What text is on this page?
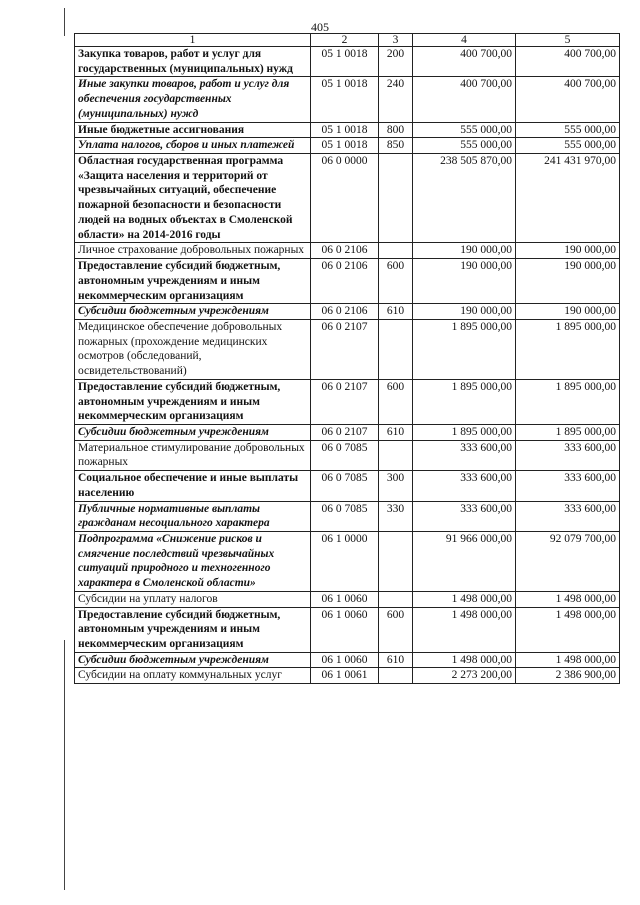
405
1	2	3	4	5
Закупка товаров, работ и услуг для государственных (муниципальных) нужд	05 1 0018	200	400 700,00	400 700,00
Иные закупки товаров, работ и услуг для обеспечения государственных (муниципальных) нужд	05 1 0018	240	400 700,00	400 700,00
Иные бюджетные ассигнования	05 1 0018	800	555 000,00	555 000,00
Уплата налогов, сборов и иных платежей	05 1 0018	850	555 000,00	555 000,00
Областная государственная программа «Защита населения и территорий от чрезвычайных ситуаций, обеспечение пожарной безопасности и безопасности людей на водных объектах в Смоленской области» на 2014-2016 годы	06 0 0000		238 505 870,00	241 431 970,00
Личное страхование добровольных пожарных	06 0 2106		190 000,00	190 000,00
Предоставление субсидий бюджетным, автономным учреждениям и иным некоммерческим организациям	06 0 2106	600	190 000,00	190 000,00
Субсидии бюджетным учреждениям	06 0 2106	610	190 000,00	190 000,00
Медицинское обеспечение добровольных пожарных (прохождение медицинских осмотров (обследований, освидетельствований)	06 0 2107		1 895 000,00	1 895 000,00
Предоставление субсидий бюджетным, автономным учреждениям и иным некоммерческим организациям	06 0 2107	600	1 895 000,00	1 895 000,00
Субсидии бюджетным учреждениям	06 0 2107	610	1 895 000,00	1 895 000,00
Материальное стимулирование добровольных пожарных	06 0 7085		333 600,00	333 600,00
Социальное обеспечение и иные выплаты населению	06 0 7085	300	333 600,00	333 600,00
Публичные нормативные выплаты гражданам несоциального характера	06 0 7085	330	333 600,00	333 600,00
Подпрограмма «Снижение рисков и смягчение последствий чрезвычайных ситуаций природного и техногенного характера в Смоленской области»	06 1 0000		91 966 000,00	92 079 700,00
Субсидии на уплату налогов	06 1 0060		1 498 000,00	1 498 000,00
Предоставление субсидий бюджетным, автономным учреждениям и иным некоммерческим организациям	06 1 0060	600	1 498 000,00	1 498 000,00
Субсидии бюджетным учреждениям	06 1 0060	610	1 498 000,00	1 498 000,00
Субсидии на оплату коммунальных услуг	06 1 0061		2 273 200,00	2 386 900,00
